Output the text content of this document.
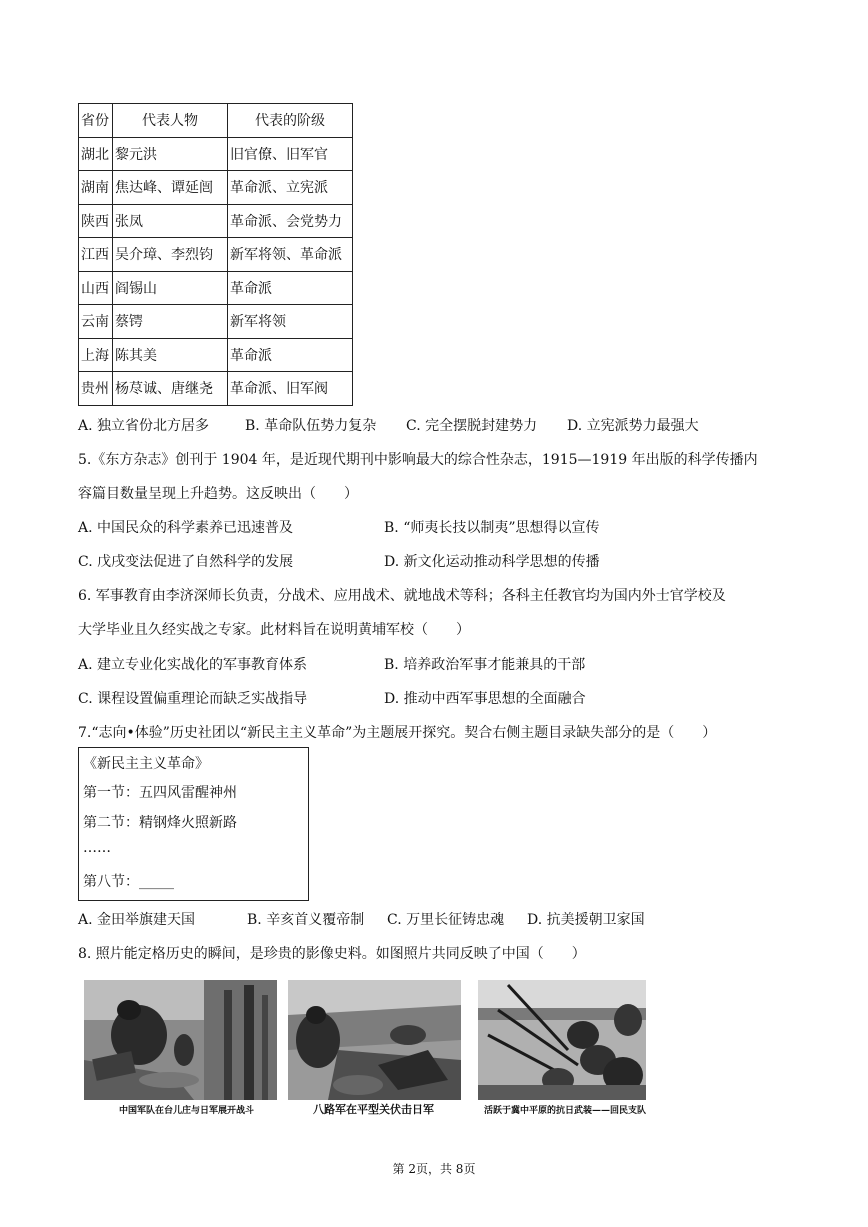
省份	代表人物	代表的阶级
湖北	黎元洪	旧官僚、旧军官
湖南	焦达峰、谭延闿	革命派、立宪派
陕西	张凤	革命派、会党势力
江西	吴介璋、李烈钧	新军将领、革命派
山西	阎锡山	革命派
云南	蔡锷	新军将领
上海	陈其美	革命派
贵州	杨荩诚、唐继尧	革命派、旧军阀
A. 独立省份北方居多	B. 革命队伍势力复杂 C. 完全摆脱封建势力 D. 立宪派势力最强大
5.《东方杂志》创刊于 1904 年，是近现代期刊中影响最大的综合性杂志，1915—1919 年出版的科学传播内
容篇目数量呈现上升趋势。这反映出（　　）
A. 中国民众的科学素养已迅速普及	B. “师夷长技以制夷”思想得以宣传
C. 戊戌变法促进了自然科学的发展	D. 新文化运动推动科学思想的传播
6. 军事教育由李济深师长负责，分战术、应用战术、就地战术等科；各科主任教官均为国内外士官学校及
大学毕业且久经实战之专家。此材料旨在说明黄埔军校（　　）
A. 建立专业化实战化的军事教育体系	B. 培养政治军事才能兼具的干部
C. 课程设置偏重理论而缺乏实战指导	D. 推动中西军事思想的全面融合
7.“志向•体验”历史社团以“新民主主义革命”为主题展开探究。契合右侧主题目录缺失部分的是（　　）
《新民主主义革命》
第一节：五四风雷醒神州
第二节：精钢烽火照新路
……
第八节：_____
A. 金田举旗建天国	B. 辛亥首义覆帝制 C. 万里长征铸忠魂 D. 抗美援朝卫家国
8. 照片能定格历史的瞬间，是珍贵的影像史料。如图照片共同反映了中国（　　）
中国军队在台儿庄与日军展开战斗	八路军在平型关伏击日军	活跃于冀中平原的抗日武装——回民支队
第 2页，共 8页
